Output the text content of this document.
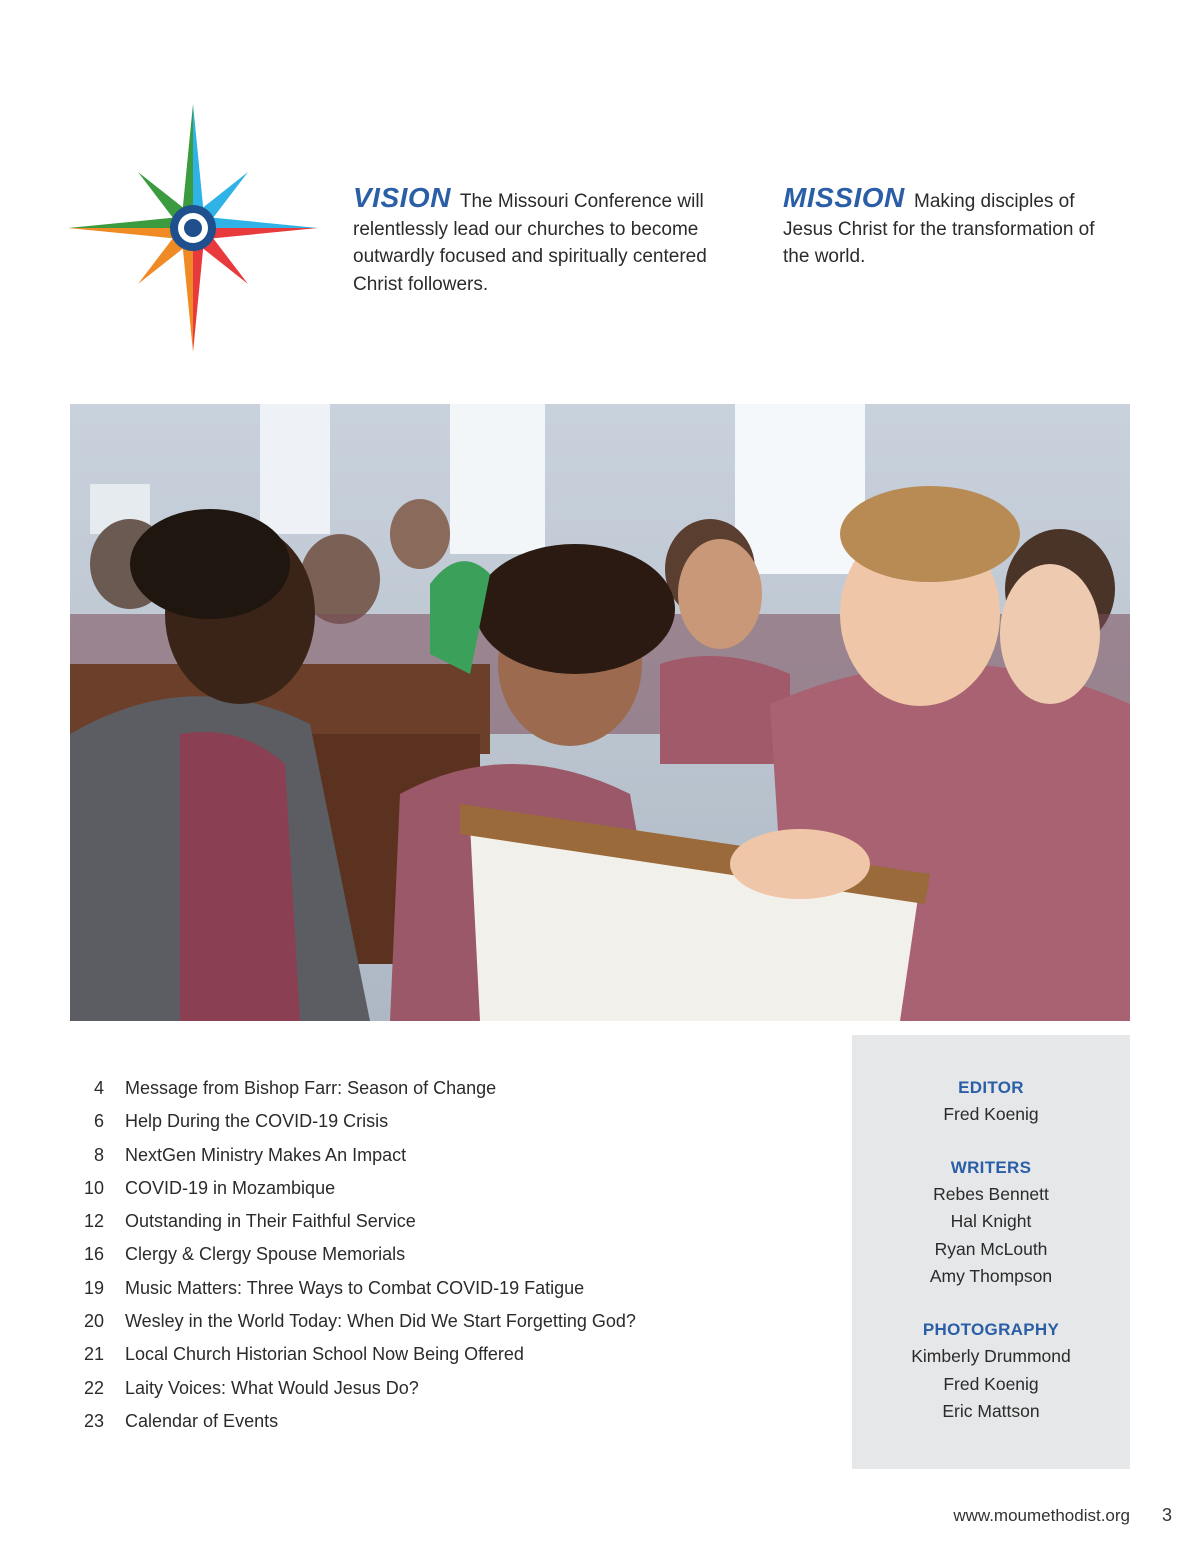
VISION The Missouri Conference will relentlessly lead our churches to become outwardly focused and spiritually centered Christ followers.
MISSION Making disciples of Jesus Christ for the transformation of the world.
4 Message from Bishop Farr: Season of Change
6 Help During the COVID-19 Crisis
8 NextGen Ministry Makes An Impact
10 COVID-19 in Mozambique
12 Outstanding in Their Faithful Service
16 Clergy & Clergy Spouse Memorials
19 Music Matters: Three Ways to Combat COVID-19 Fatigue
20 Wesley in the World Today: When Did We Start Forgetting God?
21 Local Church Historian School Now Being Offered
22 Laity Voices: What Would Jesus Do?
23 Calendar of Events
EDITOR
Fred Koenig
WRITERS
Rebes Bennett
Hal Knight
Ryan McLouth
Amy Thompson
PHOTOGRAPHY
Kimberly Drummond
Fred Koenig
Eric Mattson
www.moumethodist.org 3
